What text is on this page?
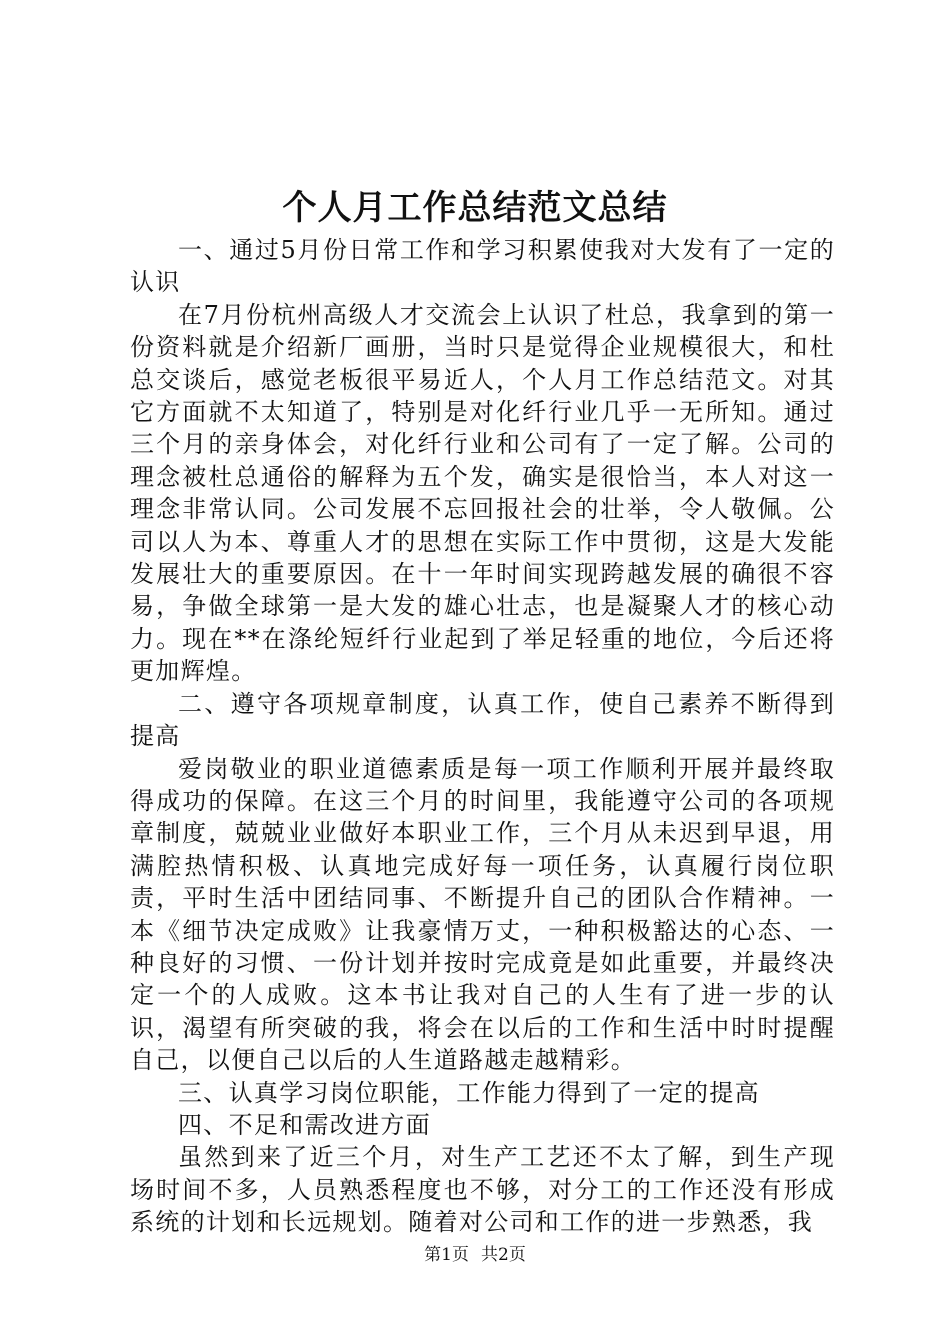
个人月工作总结范文总结

一、通过5月份日常工作和学习积累使我对大发有了一定的认识

在7月份杭州高级人才交流会上认识了杜总，我拿到的第一份资料就是介绍新厂画册，当时只是觉得企业规模很大，和杜总交谈后，感觉老板很平易近人，个人月工作总结范文。对其它方面就不太知道了，特别是对化纤行业几乎一无所知。通过三个月的亲身体会，对化纤行业和公司有了一定了解。公司的理念被杜总通俗的解释为五个发，确实是很恰当，本人对这一理念非常认同。公司发展不忘回报社会的壮举，令人敬佩。公司以人为本、尊重人才的思想在实际工作中贯彻，这是大发能发展壮大的重要原因。在十一年时间实现跨越发展的确很不容易，争做全球第一是大发的雄心壮志，也是凝聚人才的核心动力。现在**在涤纶短纤行业起到了举足轻重的地位，今后还将更加辉煌。

二、遵守各项规章制度，认真工作，使自己素养不断得到提高

爱岗敬业的职业道德素质是每一项工作顺利开展并最终取得成功的保障。在这三个月的时间里，我能遵守公司的各项规章制度，兢兢业业做好本职业工作，三个月从未迟到早退，用满腔热情积极、认真地完成好每一项任务，认真履行岗位职责，平时生活中团结同事、不断提升自己的团队合作精神。一本《细节决定成败》让我豪情万丈，一种积极豁达的心态、一种良好的习惯、一份计划并按时完成竟是如此重要，并最终决定一个的人成败。这本书让我对自己的人生有了进一步的认识，渴望有所突破的我，将会在以后的工作和生活中时时提醒自己，以便自己以后的人生道路越走越精彩。

三、认真学习岗位职能，工作能力得到了一定的提高

四、不足和需改进方面

虽然到来了近三个月，对生产工艺还不太了解，到生产现场时间不多，人员熟悉程度也不够，对分工的工作还没有形成系统的计划和长远规划。随着对公司和工作的进一步熟悉，我

第1页 共2页
